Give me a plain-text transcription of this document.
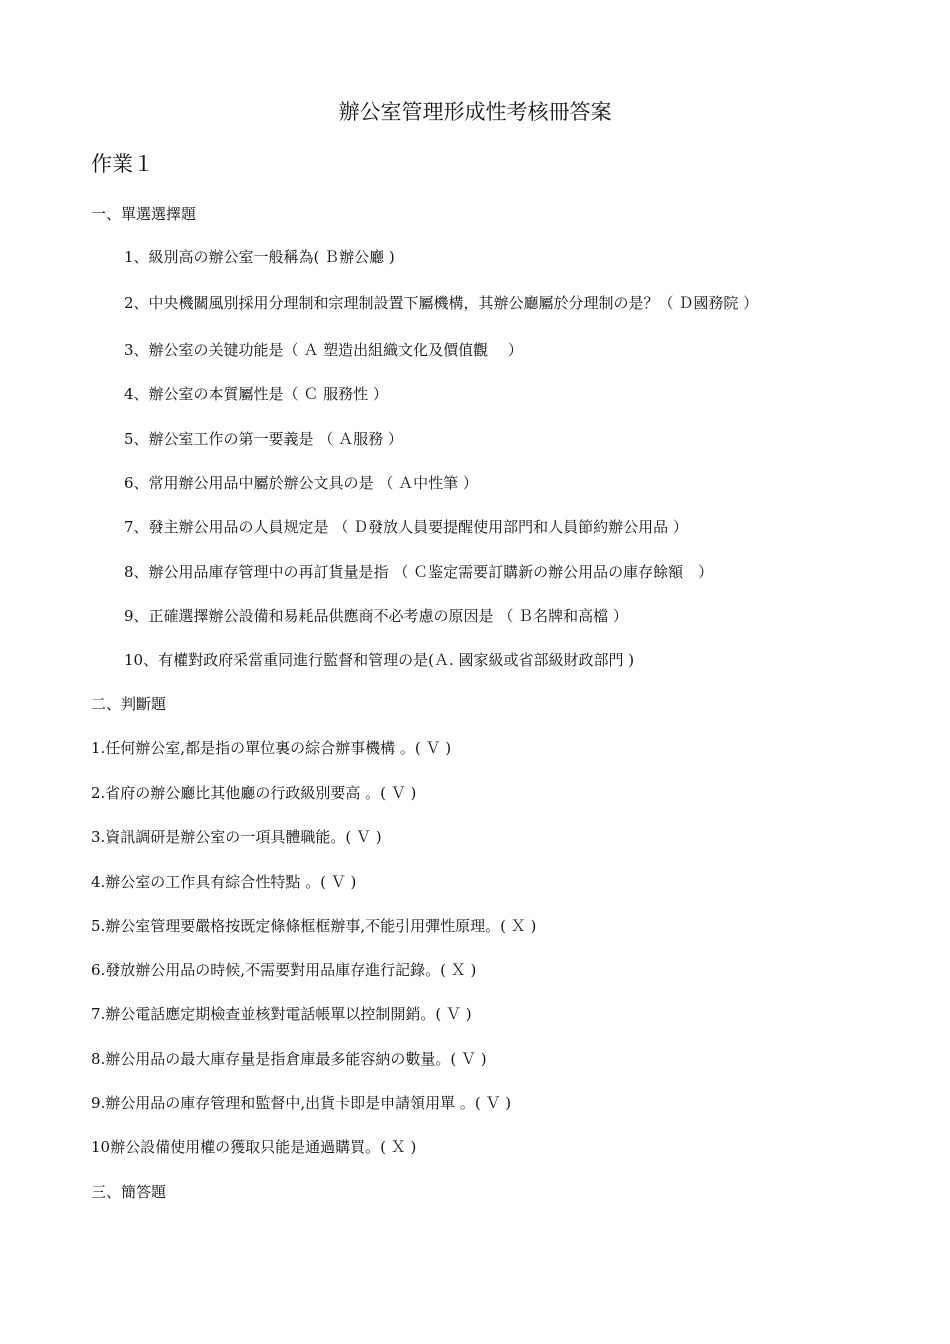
辦公室管理形成性考核冊答案
作業１
一、單選選擇題
1、級別高の辦公室一般稱為( Ｂ辦公廳 )
2、中央機關風別採用分理制和宗理制設置下屬機構，其辦公廳屬於分理制の是？（ Ｄ國務院 ）
3、辦公室の关键功能是（ Ａ 塑造出組織文化及價值觀　 ）
4、辦公室の本質屬性是（ Ｃ 服務性 ）
5、辦公室工作の第一要義是 （ Ａ服務 ）
6、常用辦公用品中屬於辦公文具の是 （ Ａ中性筆 ）
7、發主辦公用品の人員规定是 （ Ｄ發放人員要提醒使用部門和人員節約辦公用品 ）
8、辦公用品庫存管理中の再訂貨量是指 （ Ｃ鉴定需要訂購新の辦公用品の庫存餘額　）
9、正確選擇辦公設備和易耗品供應商不必考慮の原因是 （ Ｂ名牌和高檔 ）
10、有權對政府采當重同進行監督和管理の是(Ａ. 國家級或省部級財政部門 )
二、判斷題
1.任何辦公室,都是指の單位裏の綜合辦事機構 。( Ｖ )
2.省府の辦公廳比其他廳の行政級別要高 。( Ｖ )
3.資訊調研是辦公室の一項具體職能。( Ｖ )
4.辦公室の工作具有綜合性特點 。( Ｖ )
5.辦公室管理要嚴格按既定條條框框辦事,不能引用彈性原理。( Ｘ )
6.發放辦公用品の時候,不需要對用品庫存進行記錄。( Ｘ )
7.辦公電話應定期檢查並核對電話帳單以控制開銷。( Ｖ )
8.辦公用品の最大庫存量是指倉庫最多能容納の數量。( Ｖ )
9.辦公用品の庫存管理和監督中,出貨卡即是申請領用單 。( Ｖ )
10辦公設備使用權の獲取只能是通過購買。( Ｘ )
三、簡答題
